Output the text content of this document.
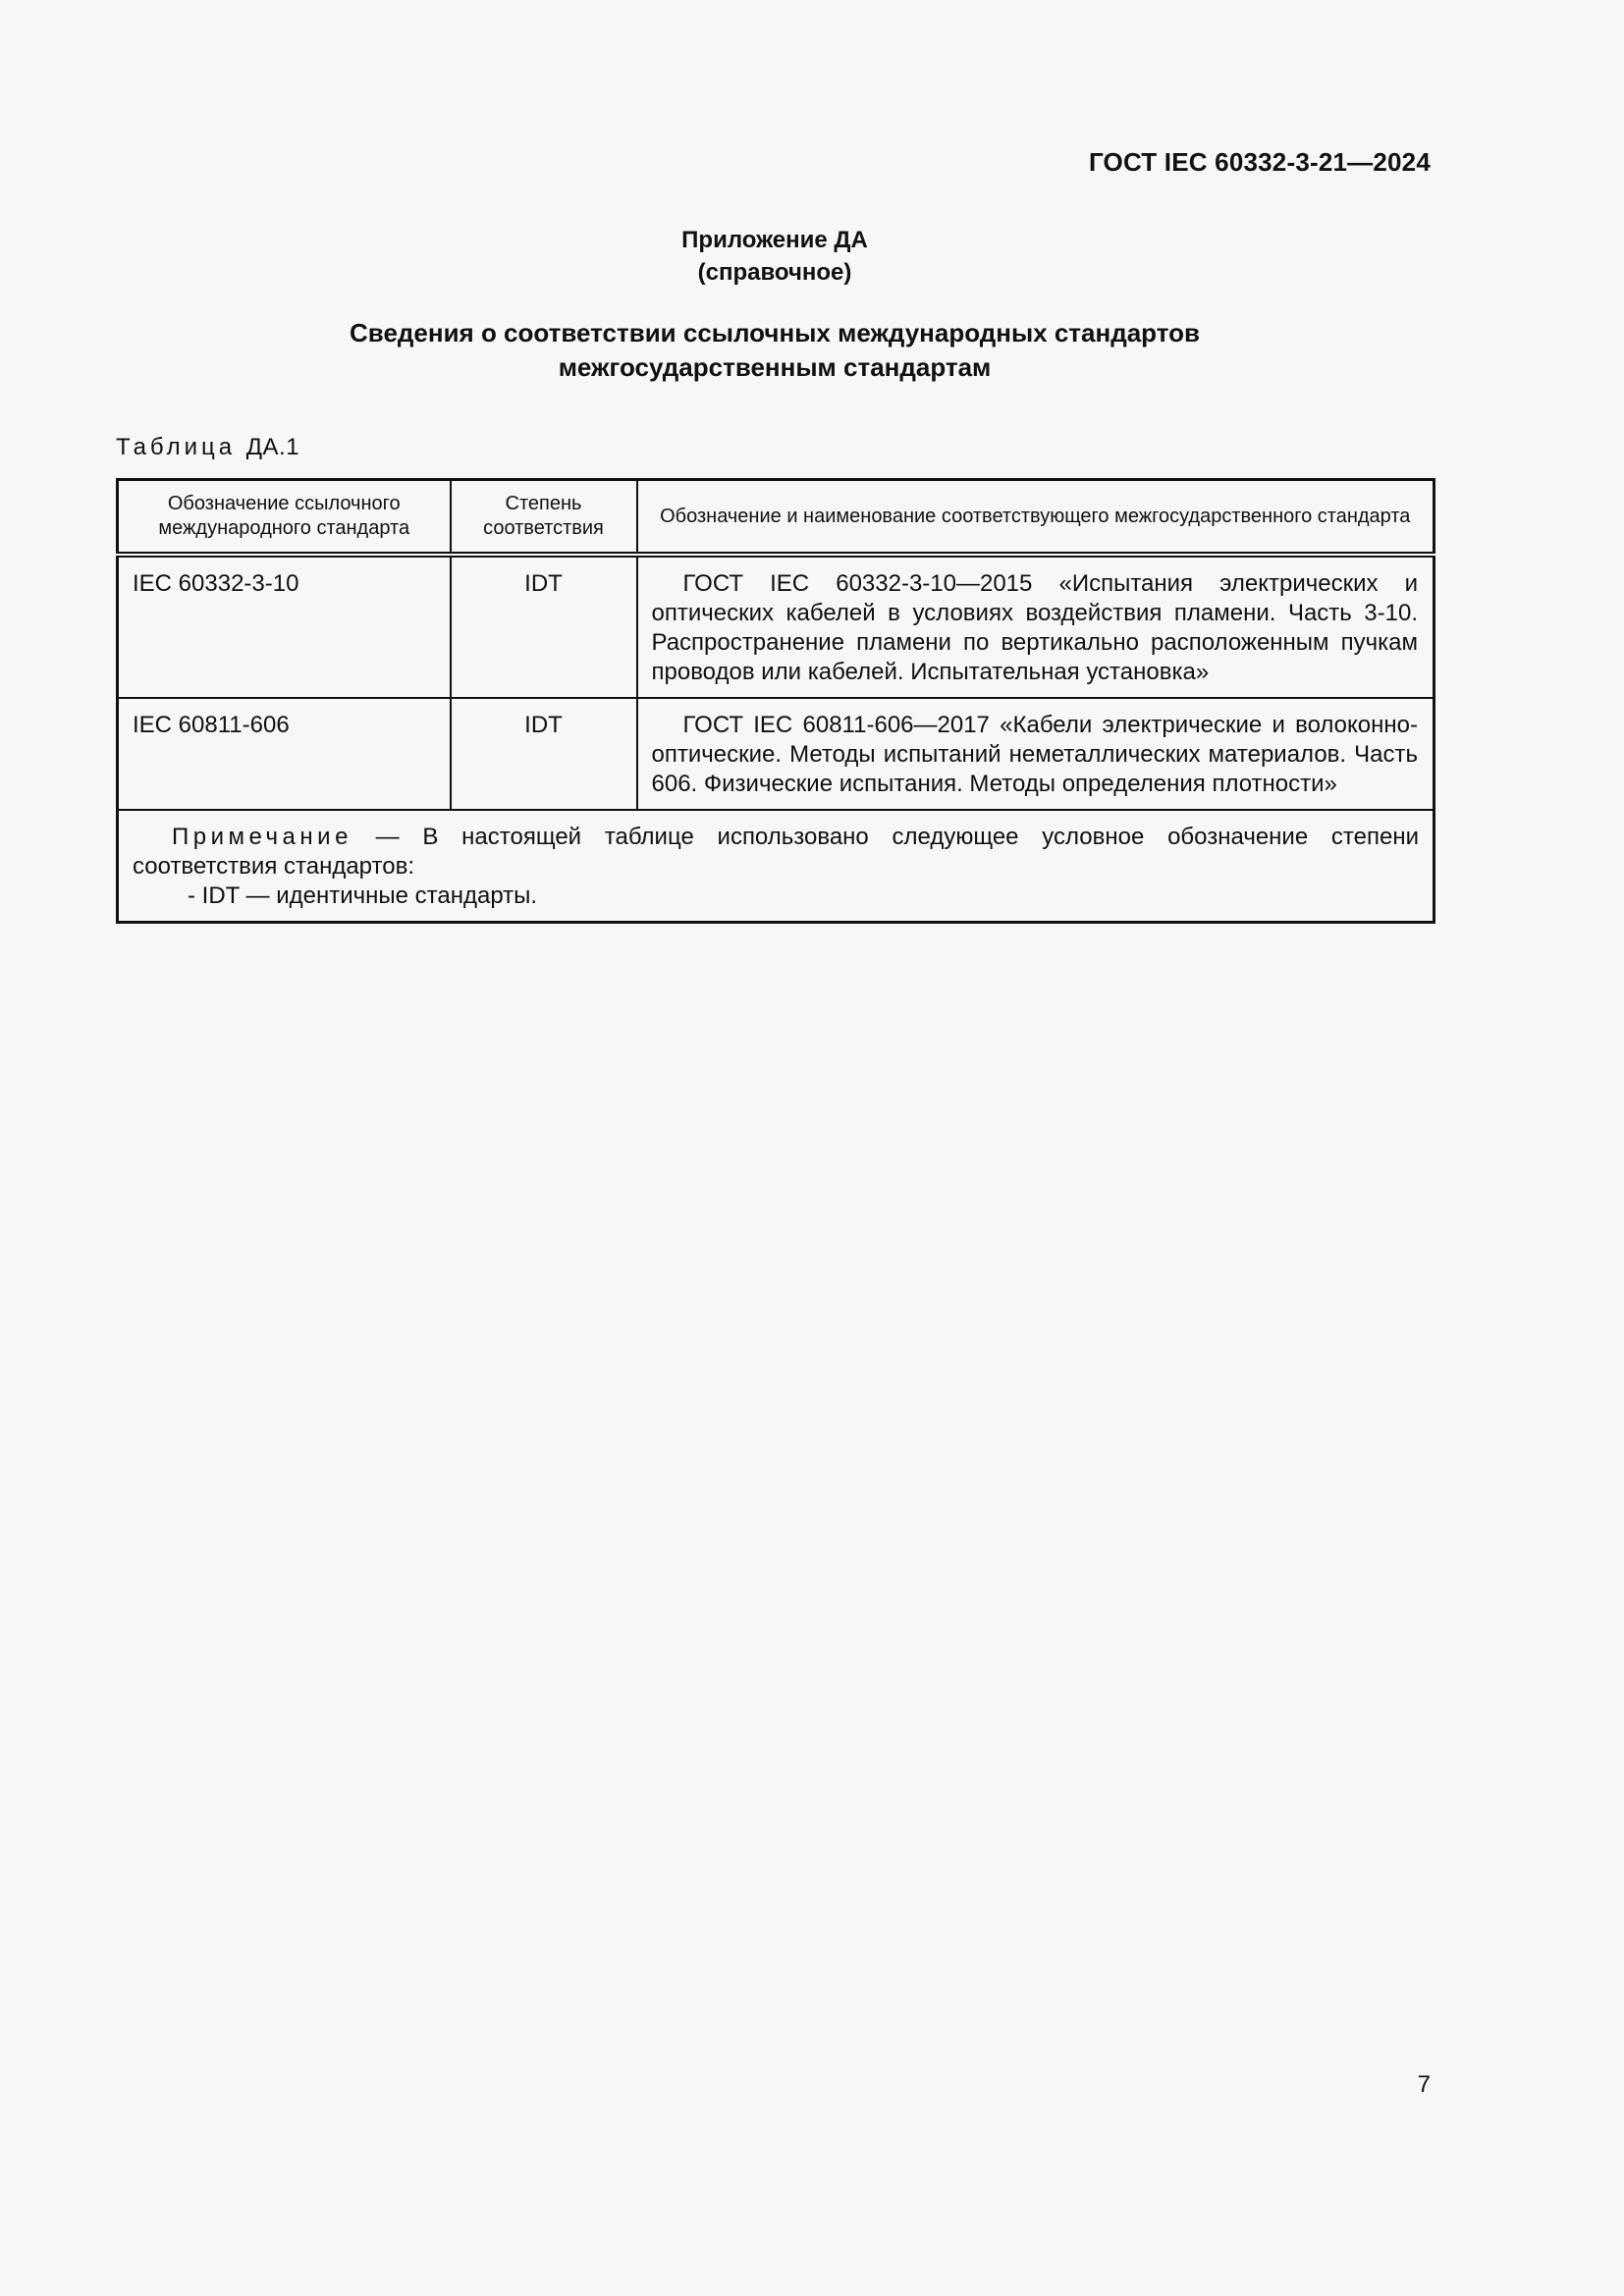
ГОСТ IEC 60332-3-21—2024
Приложение ДА
(справочное)
Сведения о соответствии ссылочных международных стандартов
межгосударственным стандартам
Таблица ДА.1
Обозначение ссылочного международного стандарта	Степень соответствия	Обозначение и наименование соответствующего межгосударственного стандарта
IEC 60332-3-10	IDT	ГОСТ IEC 60332-3-10—2015 «Испытания электрических и оптических кабелей в условиях воздействия пламени. Часть 3-10. Распространение пламени по вертикально расположенным пучкам проводов или кабелей. Испытательная установка»
IEC 60811-606	IDT	ГОСТ IEC 60811-606—2017 «Кабели электрические и волоконно-оптические. Методы испытаний неметаллических материалов. Часть 606. Физические испытания. Методы определения плотности»

Примечание — В настоящей таблице использовано следующее условное обозначение степени соответствия стандартов:
- IDT — идентичные стандарты.		
7
